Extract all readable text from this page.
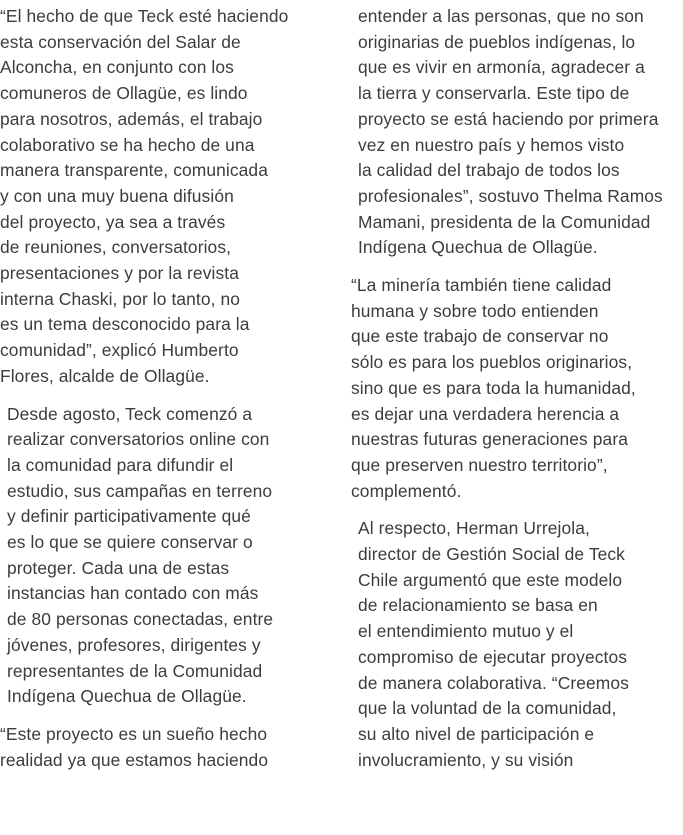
“El hecho de que Teck esté haciendo
esta conservación del Salar de
Alconcha, en conjunto con los
comuneros de Ollagüe, es lindo
para nosotros, además, el trabajo
colaborativo se ha hecho de una
manera transparente, comunicada
y con una muy buena difusión
del proyecto, ya sea a través
de reuniones, conversatorios,
presentaciones y por la revista
interna Chaski, por lo tanto, no
es un tema desconocido para la
comunidad”, explicó Humberto
Flores, alcalde de Ollagüe.
Desde agosto, Teck comenzó a
realizar conversatorios online con
la comunidad para difundir el
estudio, sus campañas en terreno
y definir participativamente qué
es lo que se quiere conservar o
proteger. Cada una de estas
instancias han contado con más
de 80 personas conectadas, entre
jóvenes, profesores, dirigentes y
representantes de la Comunidad
Indígena Quechua de Ollagüe.
“Este proyecto es un sueño hecho
realidad ya que estamos haciendo
entender a las personas, que no son
originarias de pueblos indígenas, lo
que es vivir en armonía, agradecer a
la tierra y conservarla. Este tipo de
proyecto se está haciendo por primera
vez en nuestro país y hemos visto
la calidad del trabajo de todos los
profesionales”, sostuvo Thelma Ramos
Mamani, presidenta de la Comunidad
Indígena Quechua de Ollagüe.
“La minería también tiene calidad
humana y sobre todo entienden
que este trabajo de conservar no
sólo es para los pueblos originarios,
sino que es para toda la humanidad,
es dejar una verdadera herencia a
nuestras futuras generaciones para
que preserven nuestro territorio”,
complementó.
Al respecto, Herman Urrejola,
director de Gestión Social de Teck
Chile argumentó que este modelo
de relacionamiento se basa en
el entendimiento mutuo y el
compromiso de ejecutar proyectos
de manera colaborativa. “Creemos
que la voluntad de la comunidad,
su alto nivel de participación e
involucramiento, y su visión
